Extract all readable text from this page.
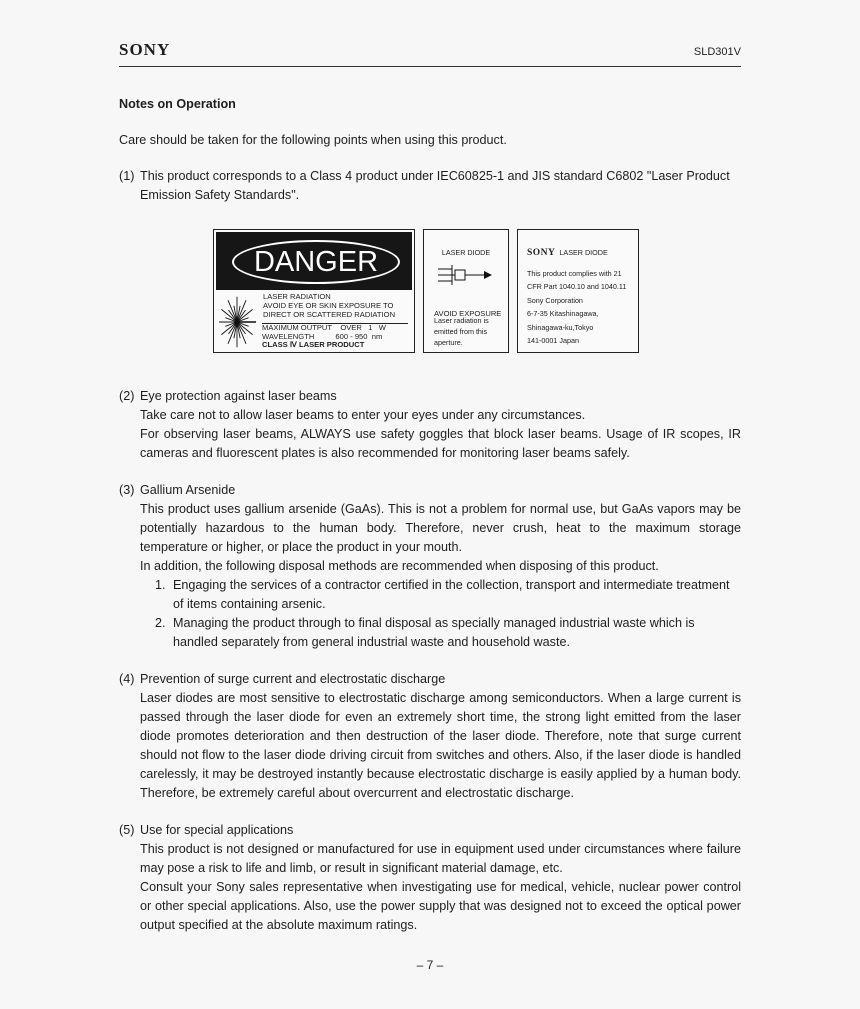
SONY	SLD301V

Notes on Operation

Care should be taken for the following points when using this product.

(1) This product corresponds to a Class 4 product under IEC60825-1 and JIS standard C6802 "Laser Product Emission Safety Standards".
DANGER
LASER RADIATION
AVOID EYE OR SKIN EXPOSURE TO
DIRECT OR SCATTERED RADIATION
MAXIMUM OUTPUT    OVER   1   W
WAVELENGTH          600 - 950  nm
CLASS Ⅳ LASER PRODUCT
LASER DIODE
AVOID EXPOSURE
Laser radiation is
emitted from this
aperture.
SONY LASER DIODE
This product complies with 21
CFR Part 1040.10 and 1040.11
Sony Corporation
6-7-35 Kitashinagawa,
Shinagawa-ku,Tokyo
141-0001 Japan
(2) Eye protection against laser beams

Take care not to allow laser beams to enter your eyes under any circumstances.

For observing laser beams, ALWAYS use safety goggles that block laser beams. Usage of IR scopes, IR cameras and fluorescent plates is also recommended for monitoring laser beams safely.

(3) Gallium Arsenide

This product uses gallium arsenide (GaAs). This is not a problem for normal use, but GaAs vapors may be potentially hazardous to the human body. Therefore, never crush, heat to the maximum storage temperature or higher, or place the product in your mouth.

In addition, the following disposal methods are recommended when disposing of this product.

1. Engaging the services of a contractor certified in the collection, transport and intermediate treatment of items containing arsenic.
2. Managing the product through to final disposal as specially managed industrial waste which is handled separately from general industrial waste and household waste.
(4) Prevention of surge current and electrostatic discharge

Laser diodes are most sensitive to electrostatic discharge among semiconductors. When a large current is passed through the laser diode for even an extremely short time, the strong light emitted from the laser diode promotes deterioration and then destruction of the laser diode. Therefore, note that surge current should not flow to the laser diode driving circuit from switches and others. Also, if the laser diode is handled carelessly, it may be destroyed instantly because electrostatic discharge is easily applied by a human body. Therefore, be extremely careful about overcurrent and electrostatic discharge.

(5) Use for special applications

This product is not designed or manufactured for use in equipment used under circumstances where failure may pose a risk to life and limb, or result in significant material damage, etc.

Consult your Sony sales representative when investigating use for medical, vehicle, nuclear power control or other special applications. Also, use the power supply that was designed not to exceed the optical power output specified at the absolute maximum ratings.

– 7 –
